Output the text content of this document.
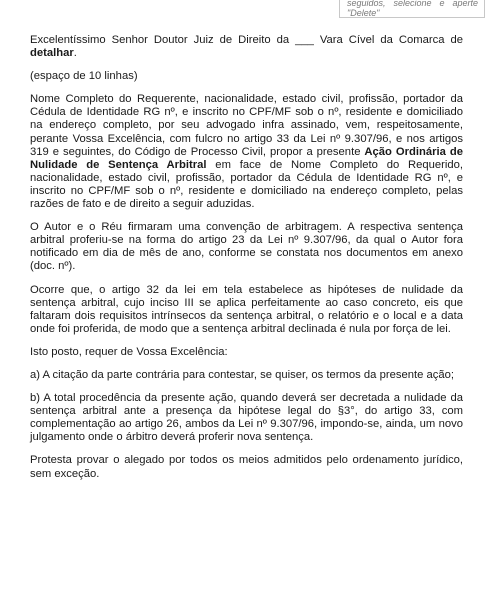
seguidos, selecione e aperte
"Delete"

Excelentíssimo Senhor Doutor Juiz de Direito da ___ Vara Cível da Comarca de detalhar.

(espaço de 10 linhas)

Nome Completo do Requerente, nacionalidade, estado civil, profissão, portador da Cédula de Identidade RG nº, e inscrito no CPF/MF sob o nº, residente e domiciliado na endereço completo, por seu advogado infra assinado, vem, respeitosamente, perante Vossa Excelência, com fulcro no artigo 33 da Lei nº 9.307/96, e nos artigos 319 e seguintes, do Código de Processo Civil, propor a presente Ação Ordinária de Nulidade de Sentença Arbitral em face de Nome Completo do Requerido, nacionalidade, estado civil, profissão, portador da Cédula de Identidade RG nº, e inscrito no CPF/MF sob o nº, residente e domiciliado na endereço completo, pelas razões de fato e de direito a seguir aduzidas.

O Autor e o Réu firmaram uma convenção de arbitragem. A respectiva sentença arbitral proferiu-se na forma do artigo 23 da Lei nº 9.307/96, da qual o Autor fora notificado em dia de mês de ano, conforme se constata nos documentos em anexo (doc. nº).

Ocorre que, o artigo 32 da lei em tela estabelece as hipóteses de nulidade da sentença arbitral, cujo inciso III se aplica perfeitamente ao caso concreto, eis que faltaram dois requisitos intrínsecos da sentença arbitral, o relatório e o local e a data onde foi proferida, de modo que a sentença arbitral declinada é nula por força de lei.

Isto posto, requer de Vossa Excelência:

a) A citação da parte contrária para contestar, se quiser, os termos da presente ação;

b) A total procedência da presente ação, quando deverá ser decretada a nulidade da sentença arbitral ante a presença da hipótese legal do §3°, do artigo 33, com complementação ao artigo 26, ambos da Lei nº 9.307/96, impondo-se, ainda, um novo julgamento onde o árbitro deverá proferir nova sentença.

Protesta provar o alegado por todos os meios admitidos pelo ordenamento jurídico, sem exceção.
